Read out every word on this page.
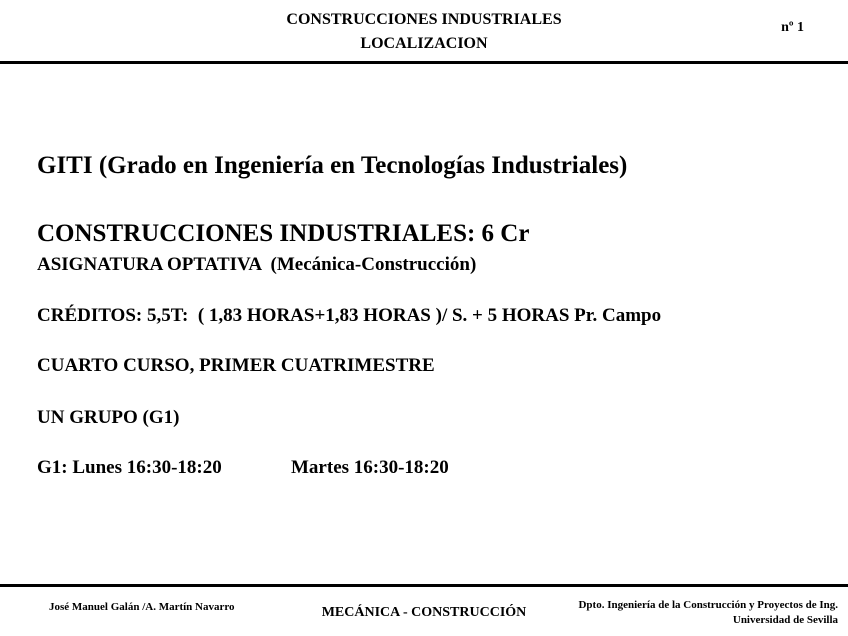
CONSTRUCCIONES INDUSTRIALES
LOCALIZACION
nº 1
GITI (Grado en Ingeniería en Tecnologías Industriales)
CONSTRUCCIONES INDUSTRIALES: 6 Cr
ASIGNATURA OPTATIVA  (Mecánica-Construcción)
CRÉDITOS: 5,5T:  ( 1,83 HORAS+1,83 HORAS )/ S. + 5 HORAS Pr. Campo
CUARTO CURSO, PRIMER CUATRIMESTRE
UN GRUPO (G1)
G1: Lunes 16:30-18:20	Martes 16:30-18:20
José Manuel Galán /A. Martín Navarro	MECÁNICA - CONSTRUCCIÓN	Dpto. Ingeniería de la Construcción y Proyectos de Ing.
Universidad de Sevilla
